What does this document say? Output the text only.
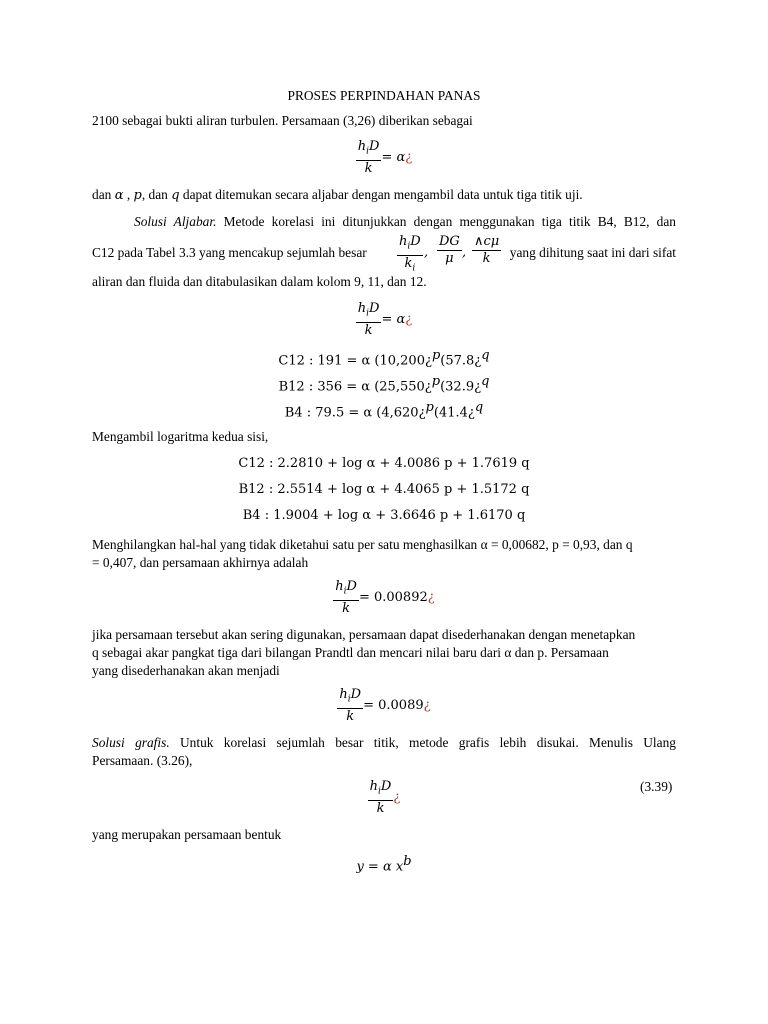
PROSES PERPINDAHAN PANAS
2100 sebagai bukti aliran turbulen. Persamaan (3,26) diberikan sebagai
$\frac{h_iD}{k} = \alpha$ ¿
dan α , p, dan q dapat ditemukan secara aljabar dengan mengambil data untuk tiga titik uji.
Solusi Aljabar. Metode korelasi ini ditunjukkan dengan menggunakan tiga titik B4, B12, dan
C12 pada Tabel 3.3 yang mencakup sejumlah besar
$h_iD$
$k_i$
, $\frac{DG}{\mu}$ , $\frac{\wedge c\mu}{k}$ yang dihitung saat ini dari sifat
aliran dan fluida dan ditabulasikan dalam kolom 9, 11, dan 12.
$\frac{h_iD}{k} = \alpha$ ¿
C12 : 191 = α (10,200¿$^p$(57.8¿$^q$
B12 : 356 = α (25,550¿$^p$(32.9¿$^q$
B4 : 79.5 = α (4,620¿$^p$(41.4¿$^q$
Mengambil logaritma kedua sisi,
C12 : 2.2810 + log α + 4.0086 p + 1.7619 q
B12 : 2.5514 + log α + 4.4065 p + 1.5172 q
B4 : 1.9004 + log α + 3.6646 p + 1.6170 q
Menghilangkan hal-hal yang tidak diketahui satu per satu menghasilkan α = 0,00682, p = 0,93, dan q
= 0,407, dan persamaan akhirnya adalah
$\frac{h_iD}{k} = 0.00892$ ¿
jika persamaan tersebut akan sering digunakan, persamaan dapat disederhanakan dengan menetapkan
q sebagai akar pangkat tiga dari bilangan Prandtl dan mencari nilai baru dari α dan p. Persamaan
yang disederhanakan akan menjadi
$\frac{h_iD}{k} = 0.0089$ ¿
Solusi grafis. Untuk korelasi sejumlah besar titik, metode grafis lebih disukai. Menulis Ulang
Persamaan. (3.26),
$\frac{h_iD}{k}$ ¿
(3.39)
yang merupakan persamaan bentuk
y = α $x^b$
